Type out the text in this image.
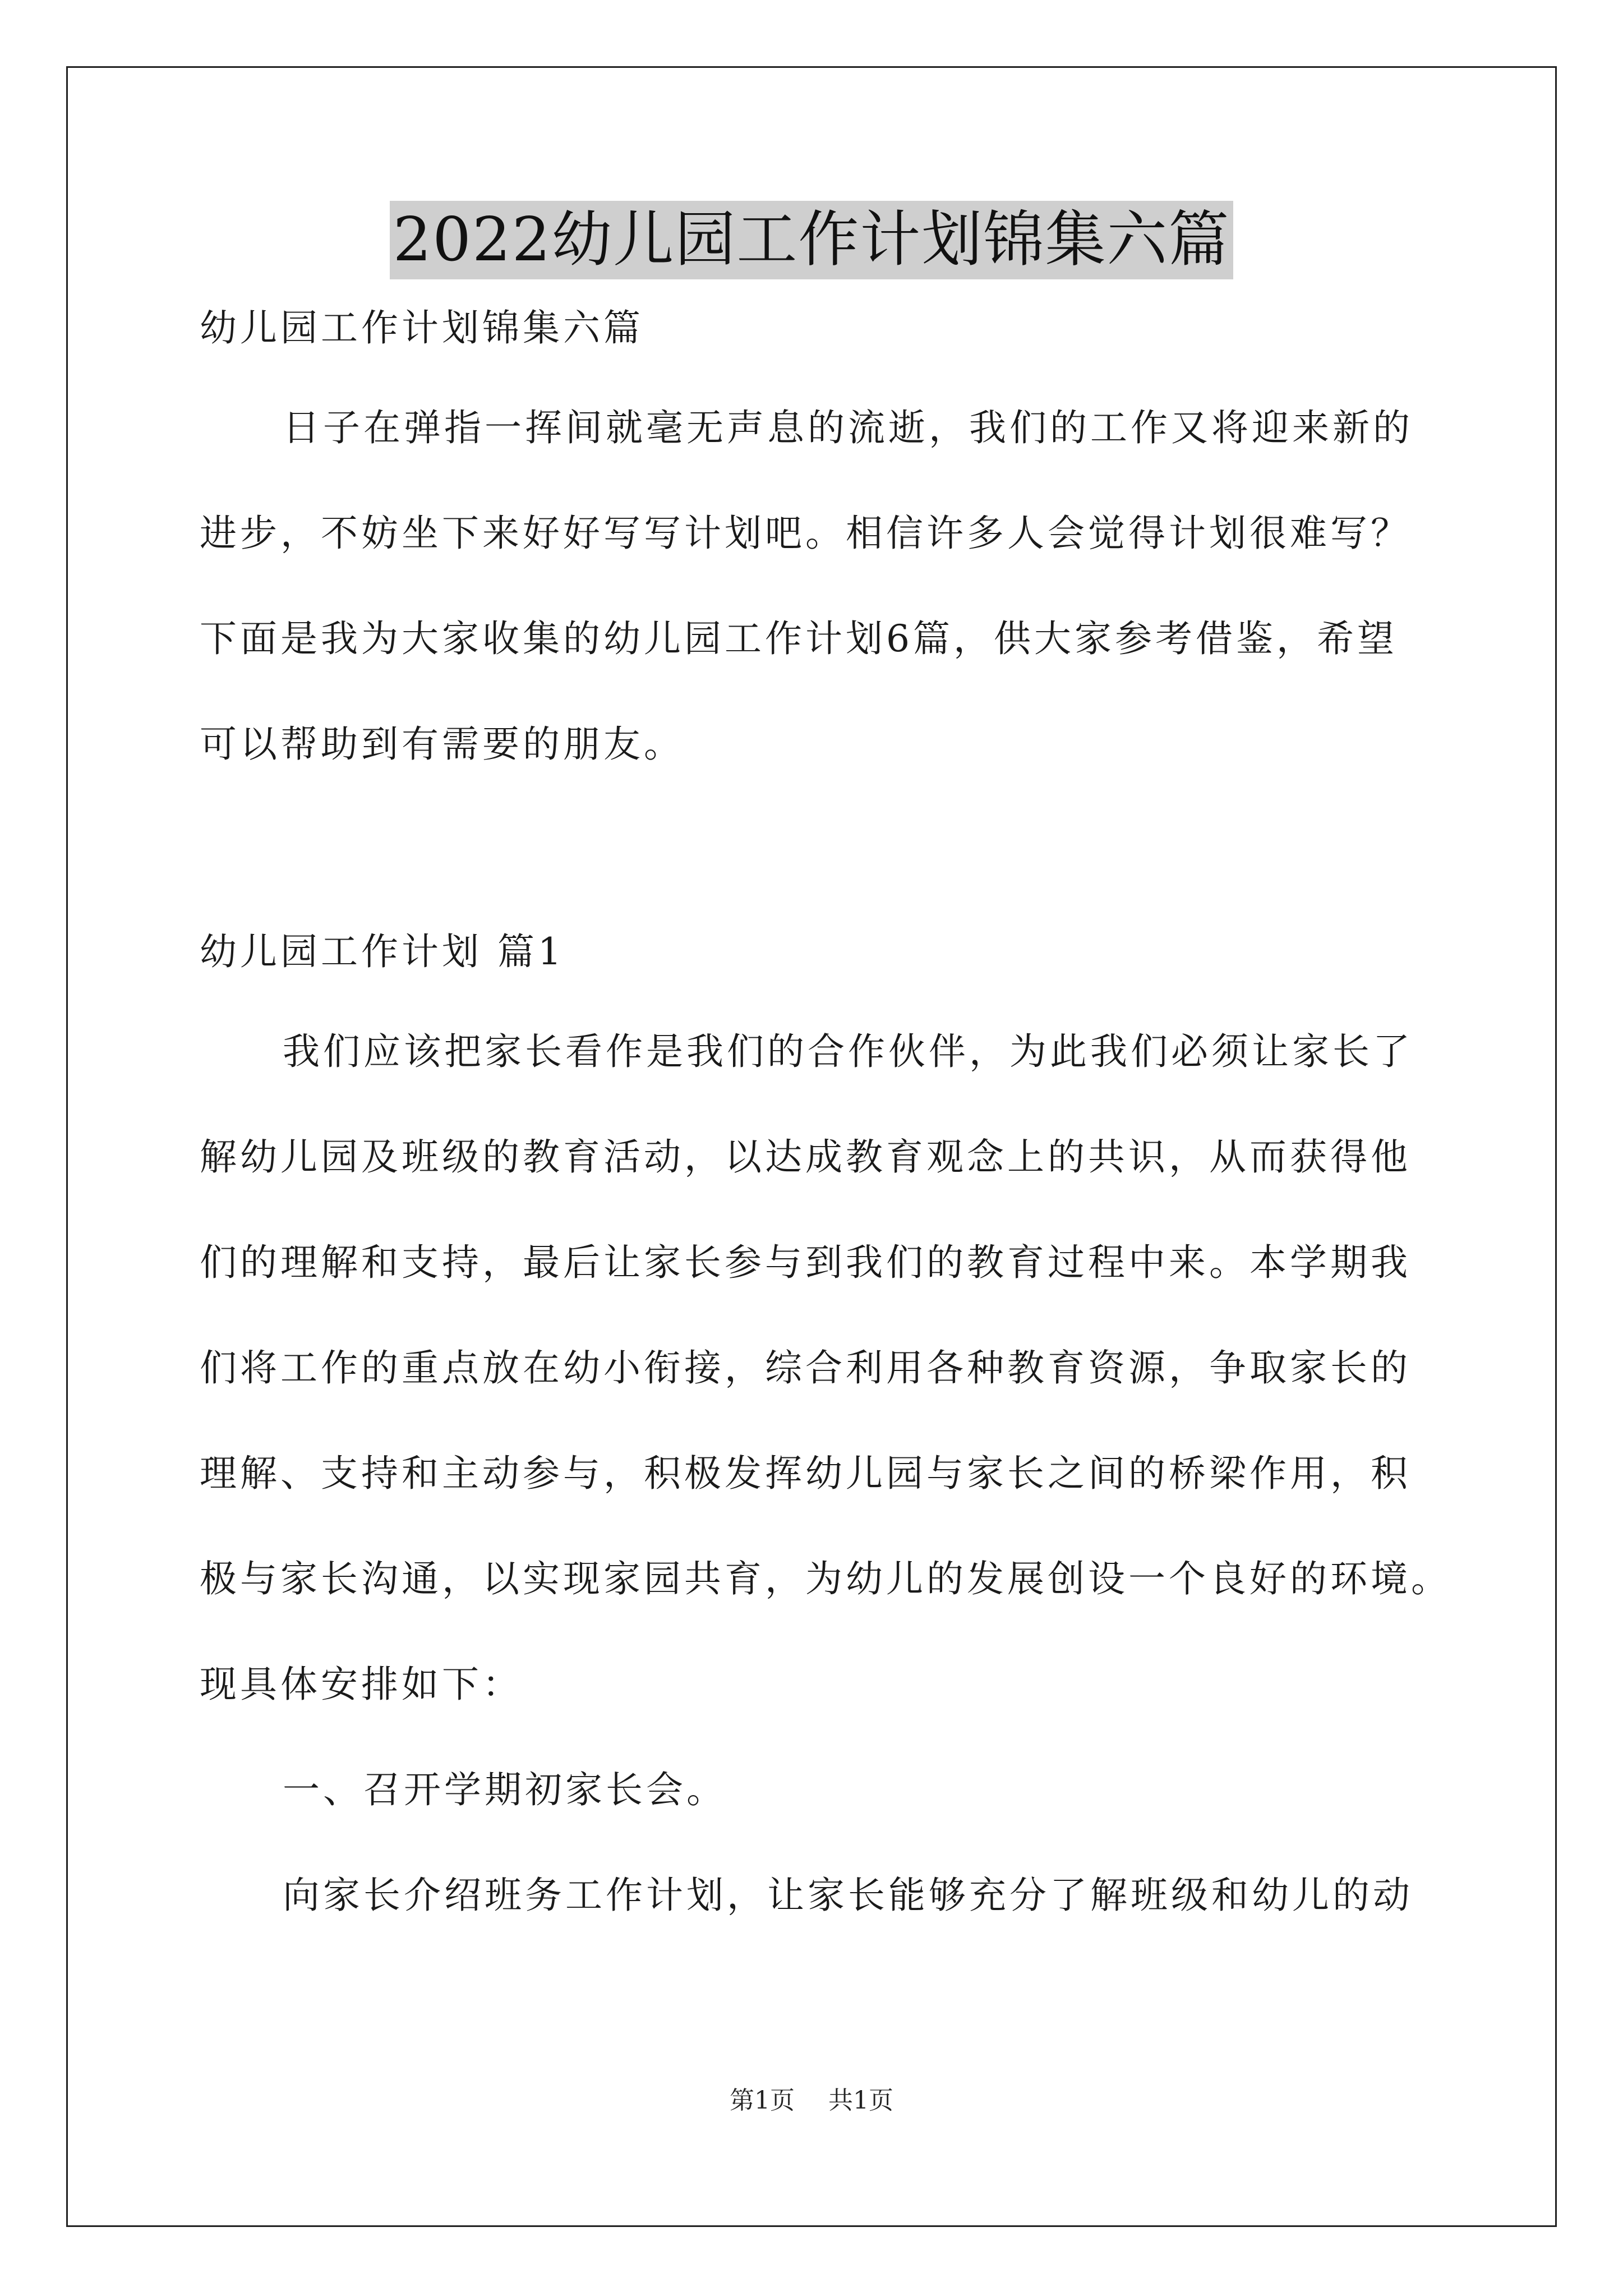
2022幼儿园工作计划锦集六篇

幼儿园工作计划锦集六篇

日子在弹指一挥间就毫无声息的流逝，我们的工作又将迎来新的

进步，不妨坐下来好好写写计划吧。相信许多人会觉得计划很难写？

下面是我为大家收集的幼儿园工作计划6篇，供大家参考借鉴，希望

可以帮助到有需要的朋友。

幼儿园工作计划 篇1

我们应该把家长看作是我们的合作伙伴，为此我们必须让家长了

解幼儿园及班级的教育活动，以达成教育观念上的共识，从而获得他

们的理解和支持，最后让家长参与到我们的教育过程中来。本学期我

们将工作的重点放在幼小衔接，综合利用各种教育资源，争取家长的

理解、支持和主动参与，积极发挥幼儿园与家长之间的桥梁作用，积

极与家长沟通，以实现家园共育，为幼儿的发展创设一个良好的环境。

现具体安排如下：

一、召开学期初家长会。

向家长介绍班务工作计划，让家长能够充分了解班级和幼儿的动

第1页 共1页
